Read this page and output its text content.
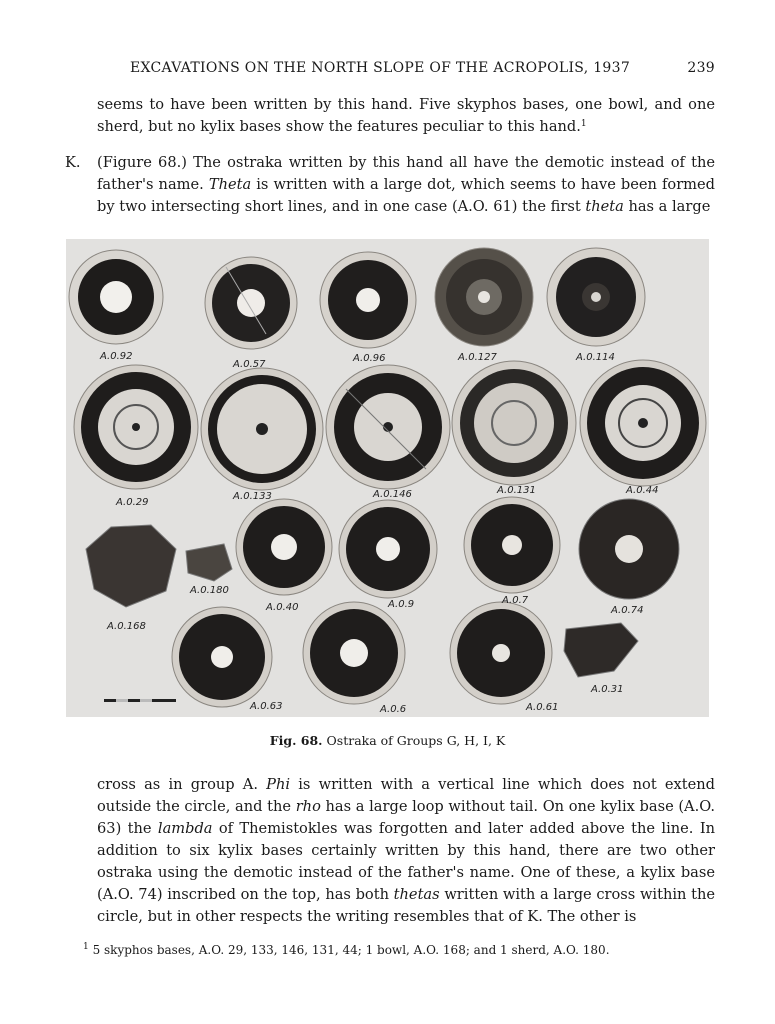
EXCAVATIONS ON THE NORTH SLOPE OF THE ACROPOLIS, 1937	239

seems to have been written by this hand. Five skyphos bases, one bowl, and one sherd, but no kylix bases show the features peculiar to this hand.$^1$

K. (Figure 68.) The ostraka written by this hand all have the demotic instead of the father's name. Theta is written with a large dot, which seems to have been formed by two intersecting short lines, and in one case (A.O. 61) the first theta has a large

A.0.92
A.0.57
A.0.96	A.0.127	A.0.114
A.0.29
A.0.133	A.0.146	A.0.131	A.0.44
A.0.180
A.0.168
A.0.40	A.0.9	A.0.7
A.0.74
A.0.63	A.0.6	A.0.61
A.0.31
Fig. 68. Ostraka of Groups G, H, I, K

cross as in group A. Phi is written with a vertical line which does not extend outside the circle, and the rho has a large loop without tail. On one kylix base (A.O. 63) the lambda of Themistokles was forgotten and later added above the line. In addition to six kylix bases certainly written by this hand, there are two other ostraka using the demotic instead of the father's name. One of these, a kylix base (A.O. 74) inscribed on the top, has both thetas written with a large cross within the circle, but in other respects the writing resembles that of K. The other is

$^1$ 5 skyphos bases, A.O. 29, 133, 146, 131, 44; 1 bowl, A.O. 168; and 1 sherd, A.O. 180.
